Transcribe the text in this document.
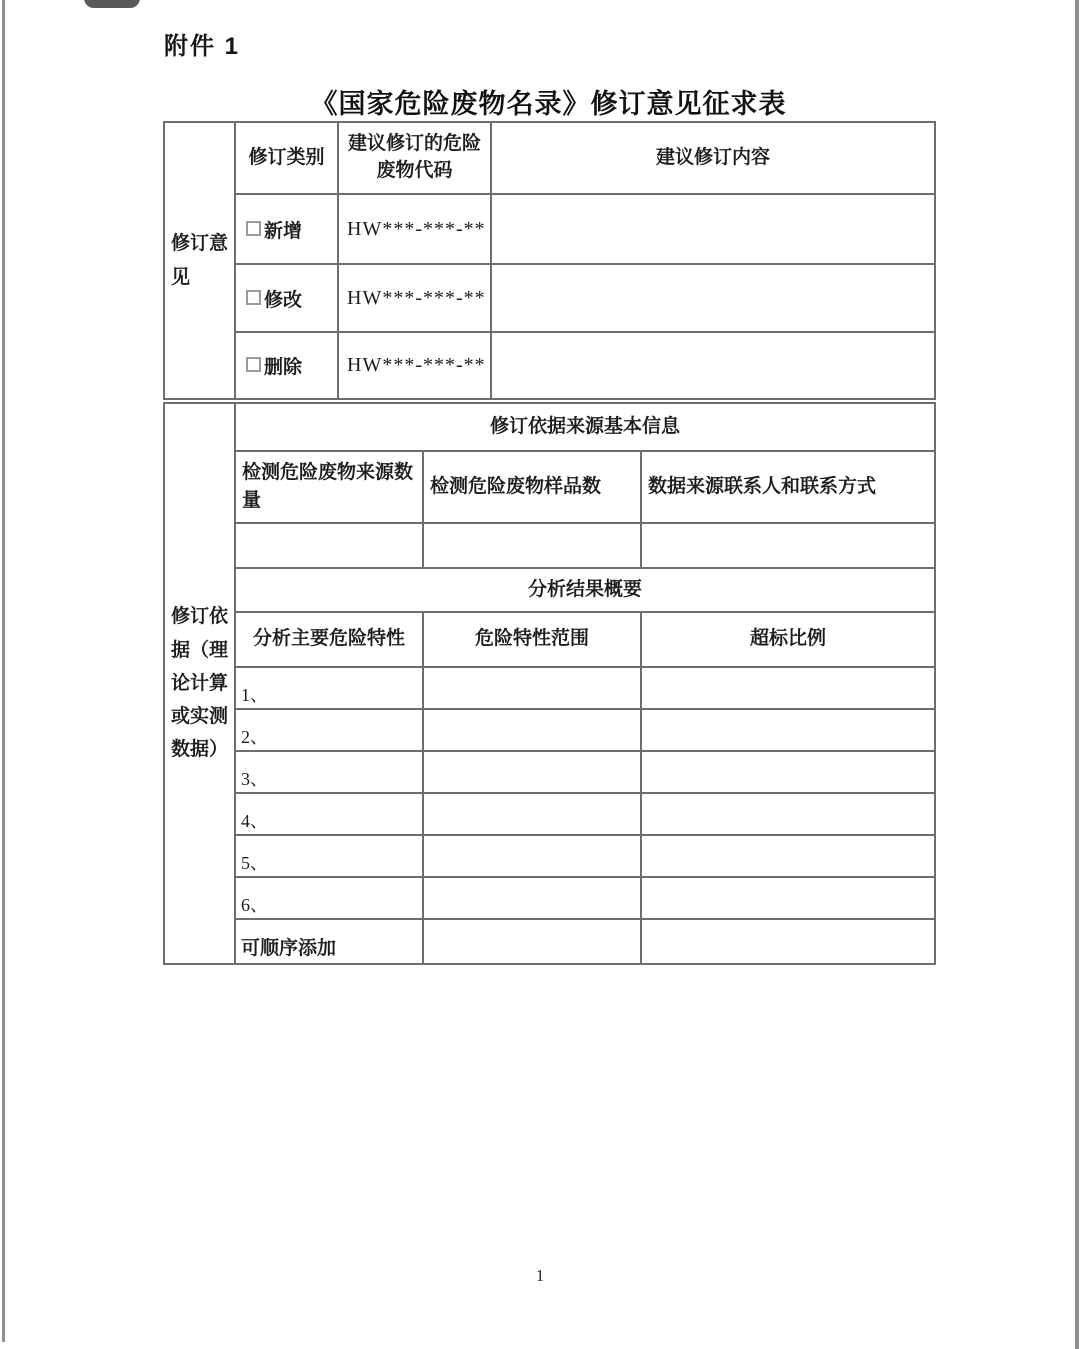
附件 1
《国家危险废物名录》修订意见征求表
修订意见	修订类别	建议修订的危险废物代码	建议修订内容
	新增	HW***-***-**	
	修改	HW***-***-**	
	删除	HW***-***-**	
修订依据（理论计算或实测数据）	修订依据来源基本信息		
	检测危险废物来源数量	检测危险废物样品数	数据来源联系人和联系方式

	分析结果概要		
	分析主要危险特性	危险特性范围	超标比例
	1、		
	2、		
	3、		
	4、		
	5、		
	6、		
	可顺序添加		
1
